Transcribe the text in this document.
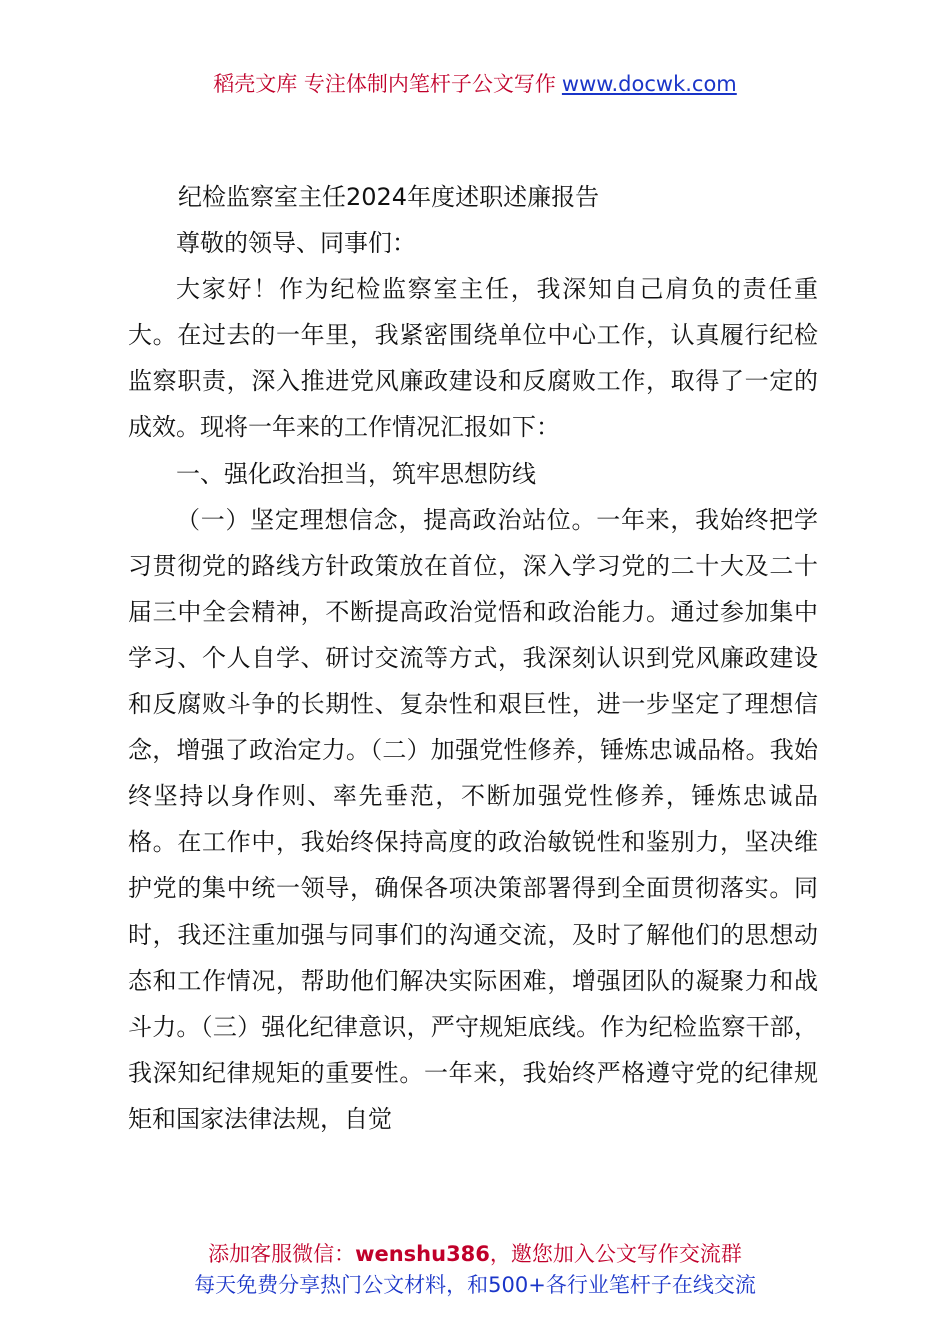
稻壳文库 专注体制内笔杆子公文写作 www.docwk.com
纪检监察室主任2024年度述职述廉报告

尊敬的领导、同事们：

大家好！作为纪检监察室主任，我深知自己肩负的责任重大。在过去的一年里，我紧密围绕单位中心工作，认真履行纪检监察职责，深入推进党风廉政建设和反腐败工作，取得了一定的成效。现将一年来的工作情况汇报如下：

一、强化政治担当，筑牢思想防线

（一）坚定理想信念，提高政治站位。一年来，我始终把学习贯彻党的路线方针政策放在首位，深入学习党的二十大及二十届三中全会精神，不断提高政治觉悟和政治能力。通过参加集中学习、个人自学、研讨交流等方式，我深刻认识到党风廉政建设和反腐败斗争的长期性、复杂性和艰巨性，进一步坚定了理想信念，增强了政治定力。（二）加强党性修养，锤炼忠诚品格。我始终坚持以身作则、率先垂范，不断加强党性修养，锤炼忠诚品格。在工作中，我始终保持高度的政治敏锐性和鉴别力，坚决维护党的集中统一领导，确保各项决策部署得到全面贯彻落实。同时，我还注重加强与同事们的沟通交流，及时了解他们的思想动态和工作情况，帮助他们解决实际困难，增强团队的凝聚力和战斗力。（三）强化纪律意识，严守规矩底线。作为纪检监察干部，我深知纪律规矩的重要性。一年来，我始终严格遵守党的纪律规矩和国家法律法规，自觉

添加客服微信：wenshu386，邀您加入公文写作交流群
每天免费分享热门公文材料，和500+各行业笔杆子在线交流
